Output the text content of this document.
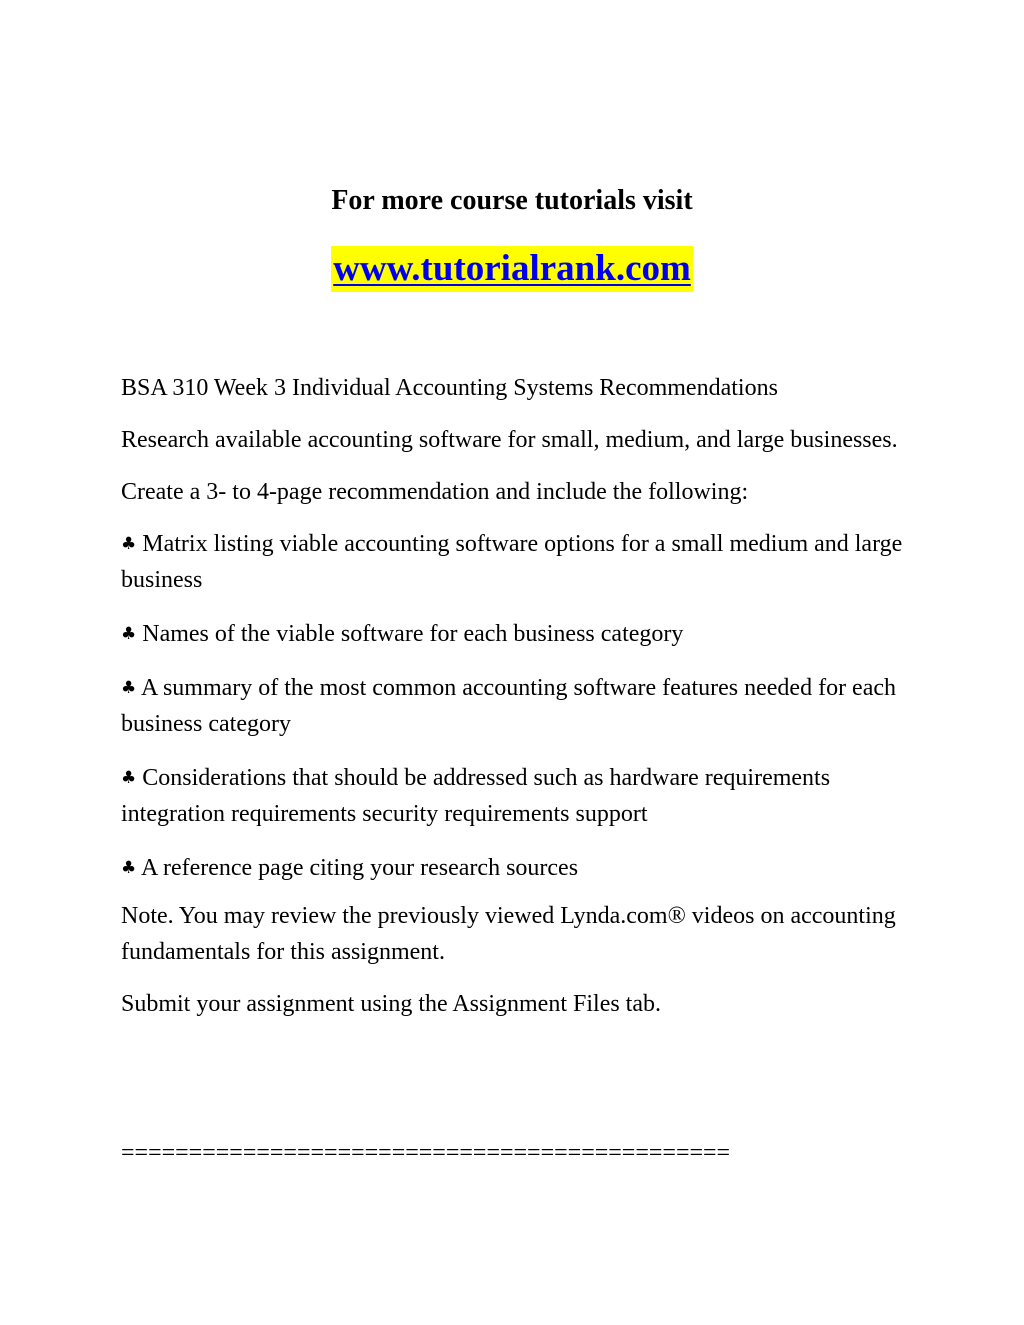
For more course tutorials visit
www.tutorialrank.com

BSA 310 Week 3 Individual Accounting Systems Recommendations

Research available accounting software for small, medium, and large businesses.

Create a 3- to 4-page recommendation and include the following:

♣ Matrix listing viable accounting software options for a small medium and large business

♣ Names of the viable software for each business category

♣ A summary of the most common accounting software features needed for each business category

♣ Considerations that should be addressed such as hardware requirements integration requirements security requirements support

♣ A reference page citing your research sources

Note. You may review the previously viewed Lynda.com® videos on accounting fundamentals for this assignment.

Submit your assignment using the Assignment Files tab.

=============================================
